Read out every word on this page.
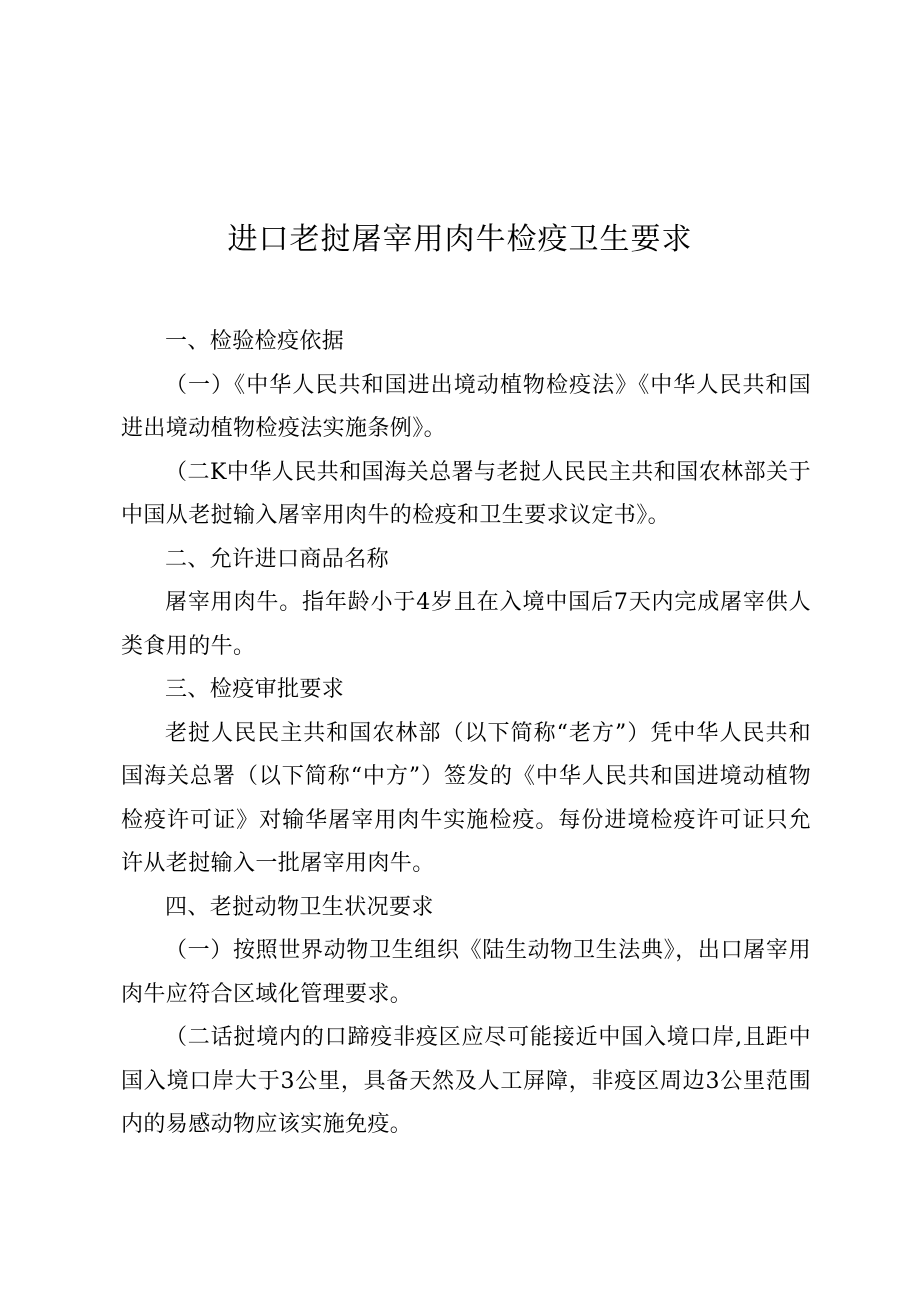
进口老挝屠宰用肉牛检疫卫生要求

一、检验检疫依据

（一）《中华人民共和国进出境动植物检疫法》《中华人民共和国进出境动植物检疫法实施条例》。

（二K中华人民共和国海关总署与老挝人民民主共和国农林部关于中国从老挝输入屠宰用肉牛的检疫和卫生要求议定书》。

二、允许进口商品名称

屠宰用肉牛。指年龄小于4岁且在入境中国后7天内完成屠宰供人类食用的牛。

三、检疫审批要求

老挝人民民主共和国农林部（以下简称“老方”）凭中华人民共和国海关总署（以下简称“中方”）签发的《中华人民共和国进境动植物检疫许可证》对输华屠宰用肉牛实施检疫。每份进境检疫许可证只允许从老挝输入一批屠宰用肉牛。

四、老挝动物卫生状况要求

（一）按照世界动物卫生组织《陆生动物卫生法典》，出口屠宰用肉牛应符合区域化管理要求。

（二话挝境内的口蹄疫非疫区应尽可能接近中国入境口岸,且距中国入境口岸大于3公里，具备天然及人工屏障，非疫区周边3公里范围内的易感动物应该实施免疫。
